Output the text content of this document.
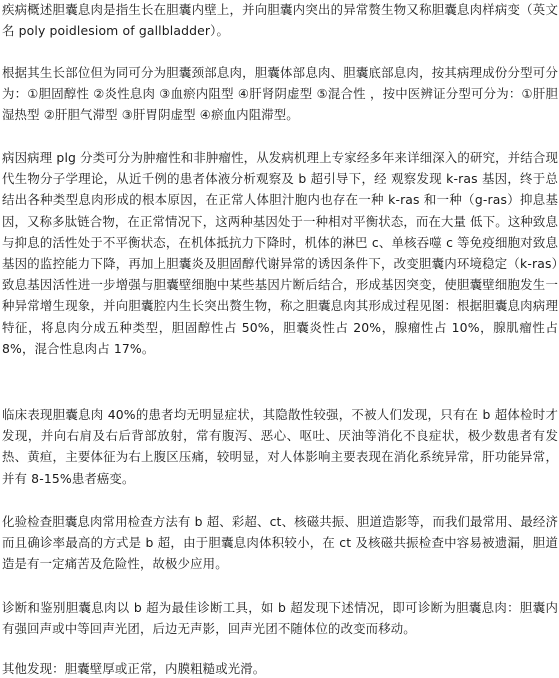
疾病概述胆囊息肉是指生长在胆囊内壁上，并向胆囊内突出的异常赘生物又称胆囊息肉样病变（英文名 poly poidlesiom of gallbladder）。
根据其生长部位但为同可分为胆囊颈部息肉，胆囊体部息肉、胆囊底部息肉，按其病理成份分型可分为：①胆固醇性 ②炎性息肉 ③血瘀内阻型 ④肝肾阴虚型 ⑤混合性 ，按中医辨证分型可分为：①肝胆湿热型 ②肝胆气滞型 ③肝胃阴虚型 ④瘀血内阻滞型。
病因病理 plg 分类可分为肿瘤性和非肿瘤性，从发病机理上专家经多年来详细深入的研究，并结合现代生物分子学理论，从近千例的患者体液分析观察及 b 超引导下，经 观察发现 k-ras 基因，终于总结出各种类型息肉形成的根本原因，在正常人体胆汁胞内也存在一种 k-ras 和一种（g-ras）抑息基因，又称多肽链合物，在正常情况下，这两种基因处于一种相对平衡状态，而在大量 低下。这种致息与抑息的活性处于不平衡状态，在机体抵抗力下降时，机体的淋巴 c、单核吞噬 c 等免疫细胞对致息基因的监控能力下降，再加上胆囊炎及胆固醇代谢异常的诱因条件下，改变胆囊内环境稳定（k-ras）致息基因活性进一步增强与胆囊壁细胞中某些基因片断后结合，形成基因突变，使胆囊壁细胞发生一种异常增生现象，并向胆囊腔内生长突出赘生物，称之胆囊息肉其形成过程见图：根据胆囊息肉病理特征，将息肉分成五种类型，胆固醇性占 50%，胆囊炎性占 20%，腺瘤性占 10%，腺肌瘤性占 8%，混合性息肉占 17%。
临床表现胆囊息肉 40%的患者均无明显症状，其隐散性较强，不被人们发现，只有在 b 超体检时才发现，并向右肩及右后背部放射，常有腹泻、恶心、呕吐、厌油等消化不良症状，极少数患者有发热、黄疸，主要体征为右上腹区压痛，较明显，对人体影响主要表现在消化系统异常，肝功能异常，并有 8-15%患者癌变。
化验检查胆囊息肉常用检查方法有 b 超、彩超、ct、核磁共振、胆道造影等，而我们最常用、最经济而且确诊率最高的方式是 b 超，由于胆囊息肉体积较小，在 ct 及核磁共振检查中容易被遗漏，胆道造是有一定痛苦及危险性，故极少应用。
诊断和鉴别胆囊息肉以 b 超为最佳诊断工具，如 b 超发现下述情况，即可诊断为胆囊息肉：胆囊内有强回声或中等回声光团，后边无声影，回声光团不随体位的改变而移动。
其他发现：胆囊壁厚或正常，内膜粗糙或光滑。
